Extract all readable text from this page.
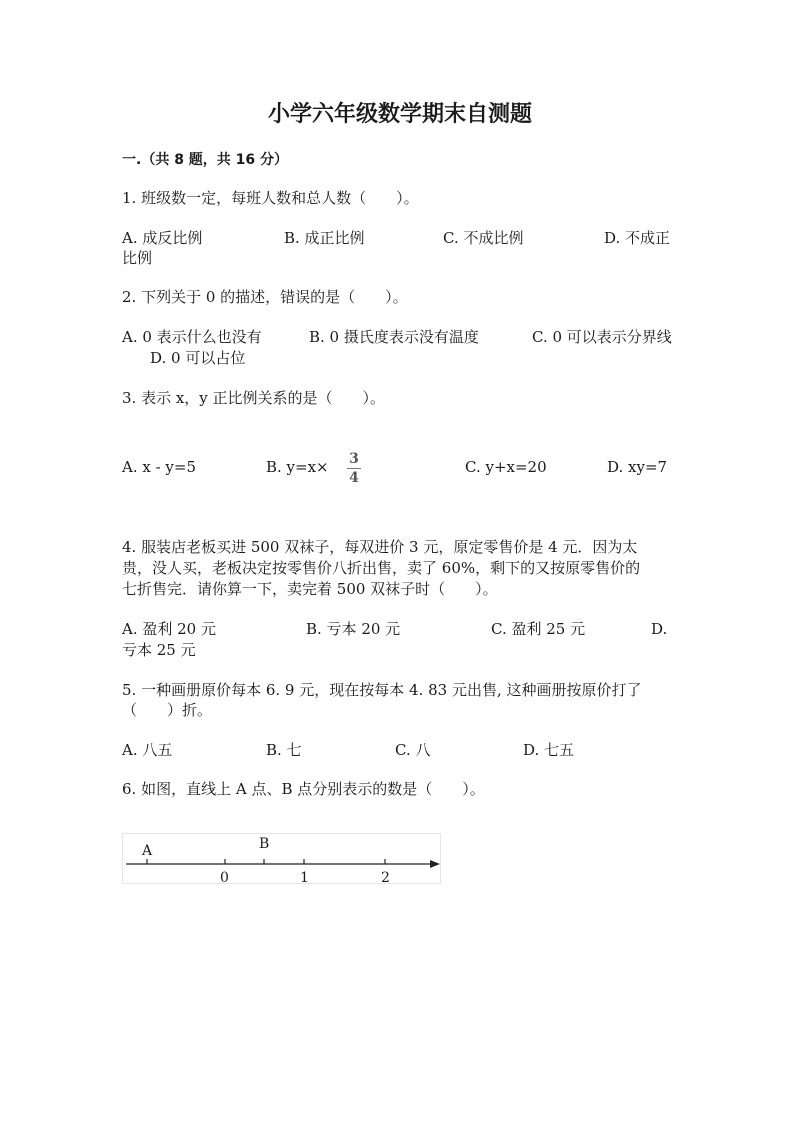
小学六年级数学期末自测题
一.（共 8 题，共 16 分）
1. 班级数一定，每班人数和总人数（　　）。
A. 成反比例	B. 成正比例	C. 不成比例	D. 不成正
比例
2. 下列关于 0 的描述，错误的是（　　）。
A. 0 表示什么也没有	B. 0 摄氏度表示没有温度	C. 0 可以表示分界线
D. 0 可以占位
3. 表示 x，y 正比例关系的是（　　）。
A. x - y=5	B. y=x×	3
4
C. y+x=20	D. xy=7
4. 服装店老板买进 500 双袜子，每双进价 3 元，原定零售价是 4 元．因为太
贵，没人买，老板决定按零售价八折出售，卖了 60%，剩下的又按原零售价的
七折售完．请你算一下，卖完着 500 双袜子时（　　）。
A. 盈利 20 元	B. 亏本 20 元	C. 盈利 25 元	D.
亏本 25 元
5. 一种画册原价每本 6. 9 元，现在按每本 4. 83 元出售, 这种画册按原价打了
（　　）折。
A. 八五	B. 七	C. 八	D. 七五
6. 如图，直线上 A 点、B 点分别表示的数是（　　）。
A	B
0	1	2
